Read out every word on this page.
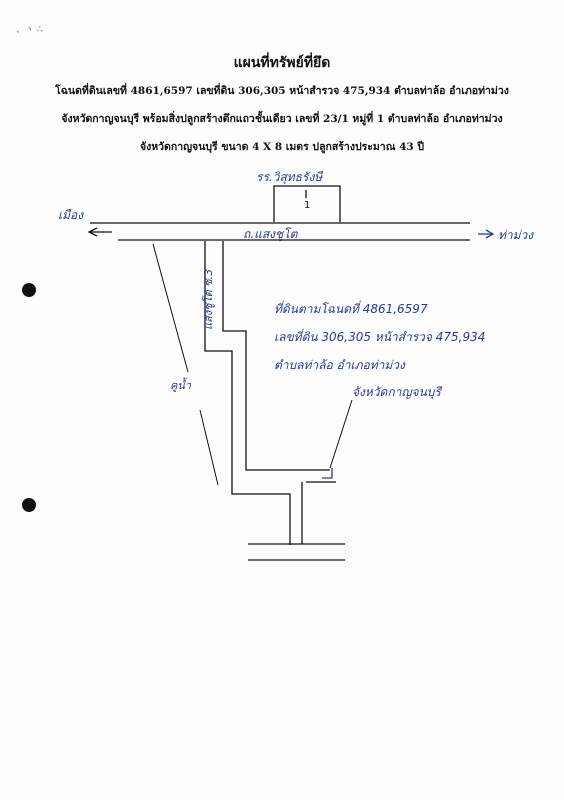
、ヽ ∴
แผนที่ทรัพย์ที่ยึด
โฉนดที่ดินเลขที่ 4861,6597 เลขที่ดิน 306,305 หน้าสำรวจ 475,934 ตำบลท่าล้อ อำเภอท่าม่วง
จังหวัดกาญจนบุรี พร้อมสิ่งปลูกสร้างตึกแถวชั้นเดียว เลขที่ 23/1 หมู่ที่ 1 ตำบลท่าล้อ อำเภอท่าม่วง
จังหวัดกาญจนบุรี ขนาด 4 X 8 เมตร ปลูกสร้างประมาณ 43 ปี
รร.วิสุทธรังษี
1
ถ.แสงชูโต
เมือง
ท่าม่วง
แสงชูโต ซ.3
คูน้ำ
ที่ดินตามโฉนดที่ 4861,6597
เลขที่ดิน 306,305 หน้าสำรวจ 475,934
ตำบลท่าล้อ อำเภอท่าม่วง
จังหวัดกาญจนบุรี
